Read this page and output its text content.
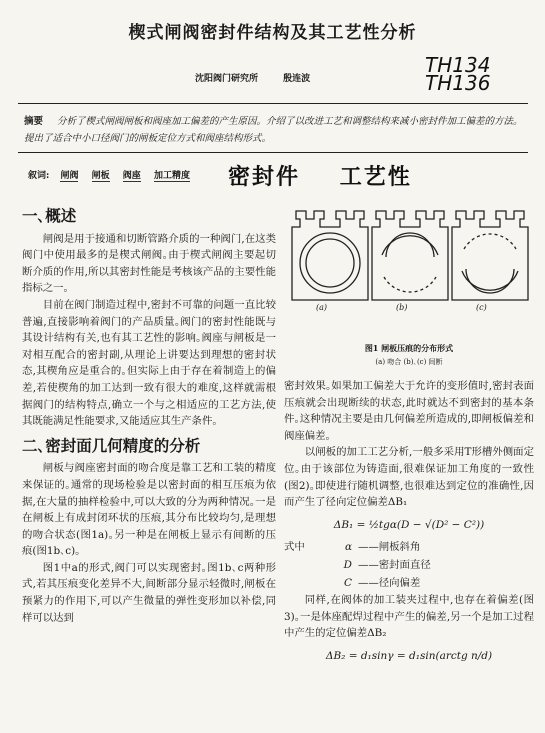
楔式闸阀密封件结构及其工艺性分析
沈阳阀门研究所	殷连波
TH134
TH136
摘要 分析了楔式闸阀闸板和阀座加工偏差的产生原因。介绍了以改进工艺和调整结构来减小密封件加工偏差的方法。提出了适合中小口径阀门的闸板定位方式和阀座结构形式。
叙词: 闸阀 闸板 阀座 加工精度	密封件 工艺性
一､概述

闸阀是用于接通和切断管路介质的一种阀门,在这类阀门中使用最多的是楔式闸阀｡由于楔式闸阀主要起切断介质的作用,所以其密封性能是考核该产品的主要性能指标之一｡

目前在阀门制造过程中,密封不可靠的问题一直比较普遍,直接影响着阀门的产品质量｡阀门的密封性能既与其设计结构有关,也有其工艺性的影响｡阀座与闸板是一对相互配合的密封副,从理论上讲要达到理想的密封状态,其楔角应是重合的｡但实际上由于存在着制造上的偏差,若使楔角的加工达到一致有很大的难度,这样就需根据阀门的结构特点,确立一个与之相适应的工艺方法,使其既能满足性能要求,又能适应其生产条件｡

二､密封面几何精度的分析

闸板与阀座密封面的吻合度是靠工艺和工装的精度来保证的｡通常的现场检验是以密封面的相互压痕为依据,在大量的抽样检验中,可以大致的分为两种情况｡一是在闸板上有成封闭环状的压痕,其分布比较均匀,是理想的吻合状态(图1a)｡另一种是在闸板上显示有间断的压痕(图1b､c)｡

图1中a的形式,阀门可以实现密封｡图1b､c两种形式,若其压痕变化差异不大,间断部分显示轻微时,闸板在预紧力的作用下,可以产生微量的弹性变形加以补偿,同样可以达到

(a)	(b)	(c)
图1 闸板压痕的分布形式
(a) 吻合 (b)､(c) 间断

密封效果｡如果加工偏差大于允许的变形值时,密封表面压痕就会出现断续的状态,此时就达不到密封的基本条件｡这种情况主要是由几何偏差所造成的,即闸板偏差和阀座偏差｡

以闸板的加工工艺分析,一般多采用T形槽外侧面定位｡由于该部位为铸造面,很难保证加工角度的一致性(图2)｡即使进行随机调整,也很难达到定位的准确性,因而产生了径向定位偏差ΔB₁

ΔB₁ = ½tgα(D − √(D² − C²))
式中	α ——闸板斜角
D ——密封面直径
C ——径向偏差

同样,在阀体的加工装夹过程中,也存在着偏差(图3)｡一是体座配焊过程中产生的偏差,另一个是加工过程中产生的定位偏差ΔB₂

ΔB₂ = d₁sinγ = d₁sin(arctg n/d)
